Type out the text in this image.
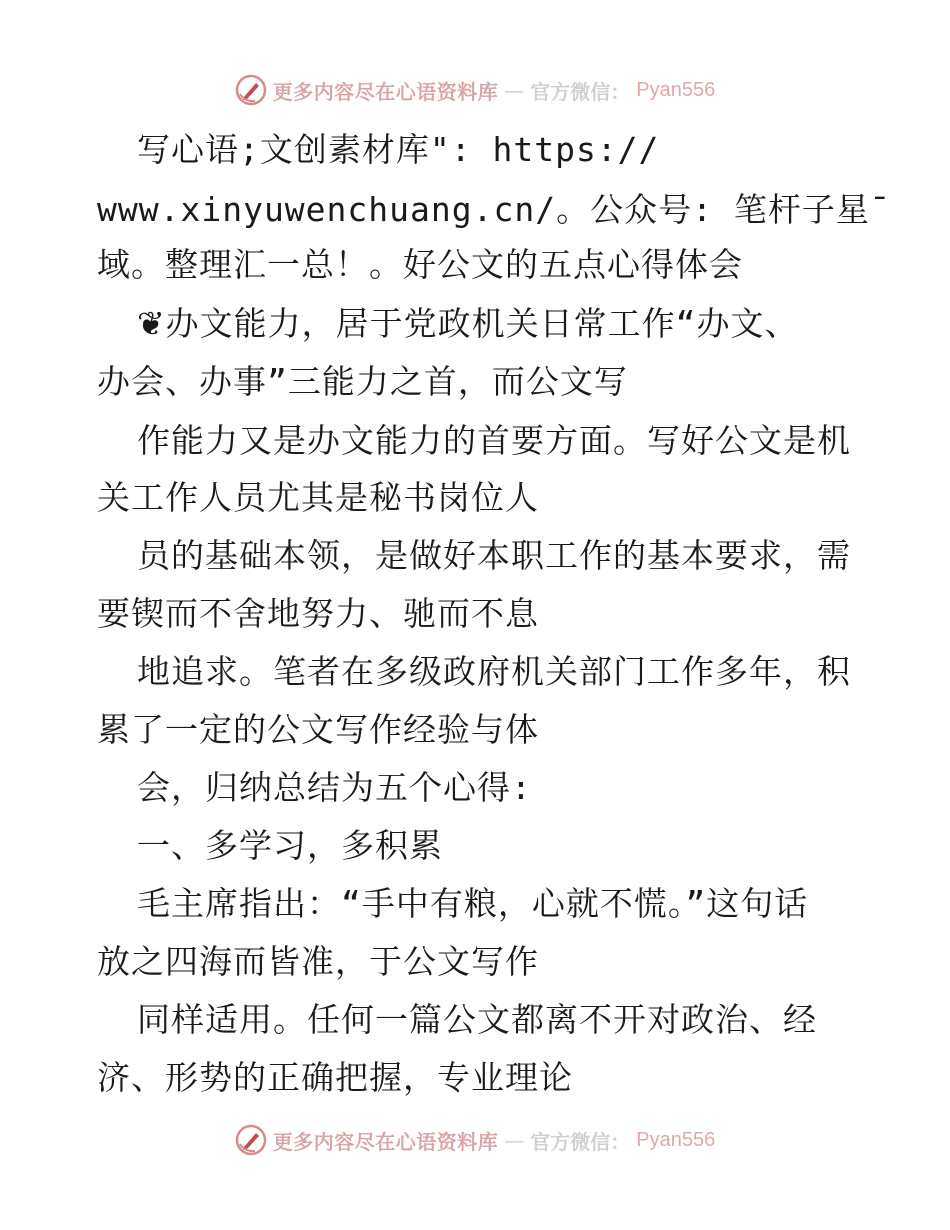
更多内容尽在心语资料库 — 官方微信： Pyan556
写心语;文创素材库": https://
www.xinyuwenchuang.cn/。公众号: 笔杆子星¯
域。整理汇一总！。好公文的五点心得体会
❦办文能力，居于党政机关日常工作“办文、
办会、办事”三能力之首，而公文写
作能力又是办文能力的首要方面。写好公文是机
关工作人员尤其是秘书岗位人
员的基础本领，是做好本职工作的基本要求，需
要锲而不舍地努力、驰而不息
地追求。笔者在多级政府机关部门工作多年，积
累了一定的公文写作经验与体
会，归纳总结为五个心得:
一、多学习，多积累
毛主席指出：“手中有粮，心就不慌。”这句话
放之四海而皆准，于公文写作
同样适用。任何一篇公文都离不开对政治、经
济、形势的正确把握，专业理论
更多内容尽在心语资料库 — 官方微信： Pyan556
